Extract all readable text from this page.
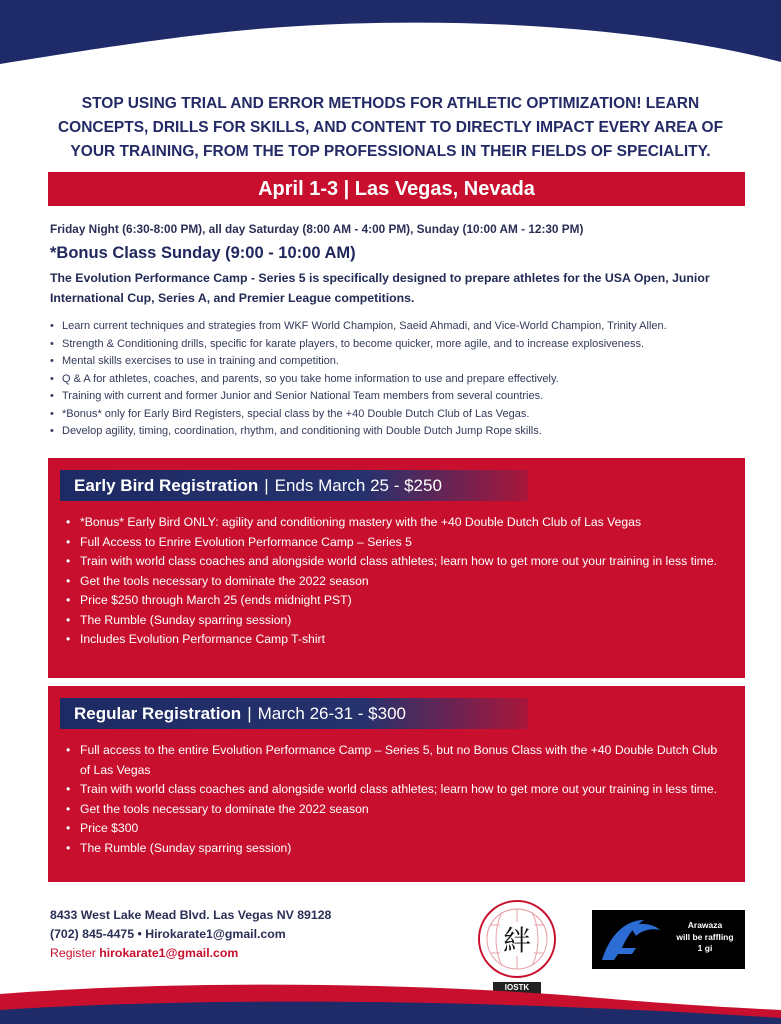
STOP USING TRIAL AND ERROR METHODS FOR ATHLETIC OPTIMIZATION! LEARN CONCEPTS, DRILLS FOR SKILLS, AND CONTENT TO DIRECTLY IMPACT EVERY AREA OF YOUR TRAINING, FROM THE TOP PROFESSIONALS IN THEIR FIELDS OF SPECIALITY.
April 1-3 | Las Vegas, Nevada
Friday Night (6:30-8:00 PM), all day Saturday (8:00 AM - 4:00 PM), Sunday (10:00 AM - 12:30 PM)
*Bonus Class Sunday (9:00 - 10:00 AM)
The Evolution Performance Camp - Series 5 is specifically designed to prepare athletes for the USA Open, Junior International Cup, Series A, and Premier League competitions.
• Learn current techniques and strategies from WKF World Champion, Saeid Ahmadi, and Vice-World Champion, Trinity Allen.
• Strength & Conditioning drills, specific for karate players, to become quicker, more agile, and to increase explosiveness.
• Mental skills exercises to use in training and competition.
• Q & A for athletes, coaches, and parents, so you take home information to use and prepare effectively.
• Training with current and former Junior and Senior National Team members from several countries.
• *Bonus* only for Early Bird Registers, special class by the +40 Double Dutch Club of Las Vegas.
• Develop agility, timing, coordination, rhythm, and conditioning with Double Dutch Jump Rope skills.
Early Bird Registration | Ends March 25 - $250
• *Bonus* Early Bird ONLY: agility and conditioning mastery with the +40 Double Dutch Club of Las Vegas
• Full Access to Enrire Evolution Performance Camp – Series 5
• Train with world class coaches and alongside world class athletes; learn how to get more out your training in less time.
• Get the tools necessary to dominate the 2022 season
• Price $250 through March 25 (ends midnight PST)
• The Rumble (Sunday sparring session)
• Includes Evolution Performance Camp T-shirt
Regular Registration | March 26-31 - $300
• Full access to the entire Evolution Performance Camp – Series 5, but no Bonus Class with the +40 Double Dutch Club of Las Vegas
• Train with world class coaches and alongside world class athletes; learn how to get more out your training in less time.
• Get the tools necessary to dominate the 2022 season
• Price $300
• The Rumble (Sunday sparring session)
8433 West Lake Mead Blvd. Las Vegas NV 89128
(702) 845-4475 • Hirokarate1@gmail.com
Register hirokarate1@gmail.com	絆
IOSTK
Arawaza
will be raffling
1 gi
